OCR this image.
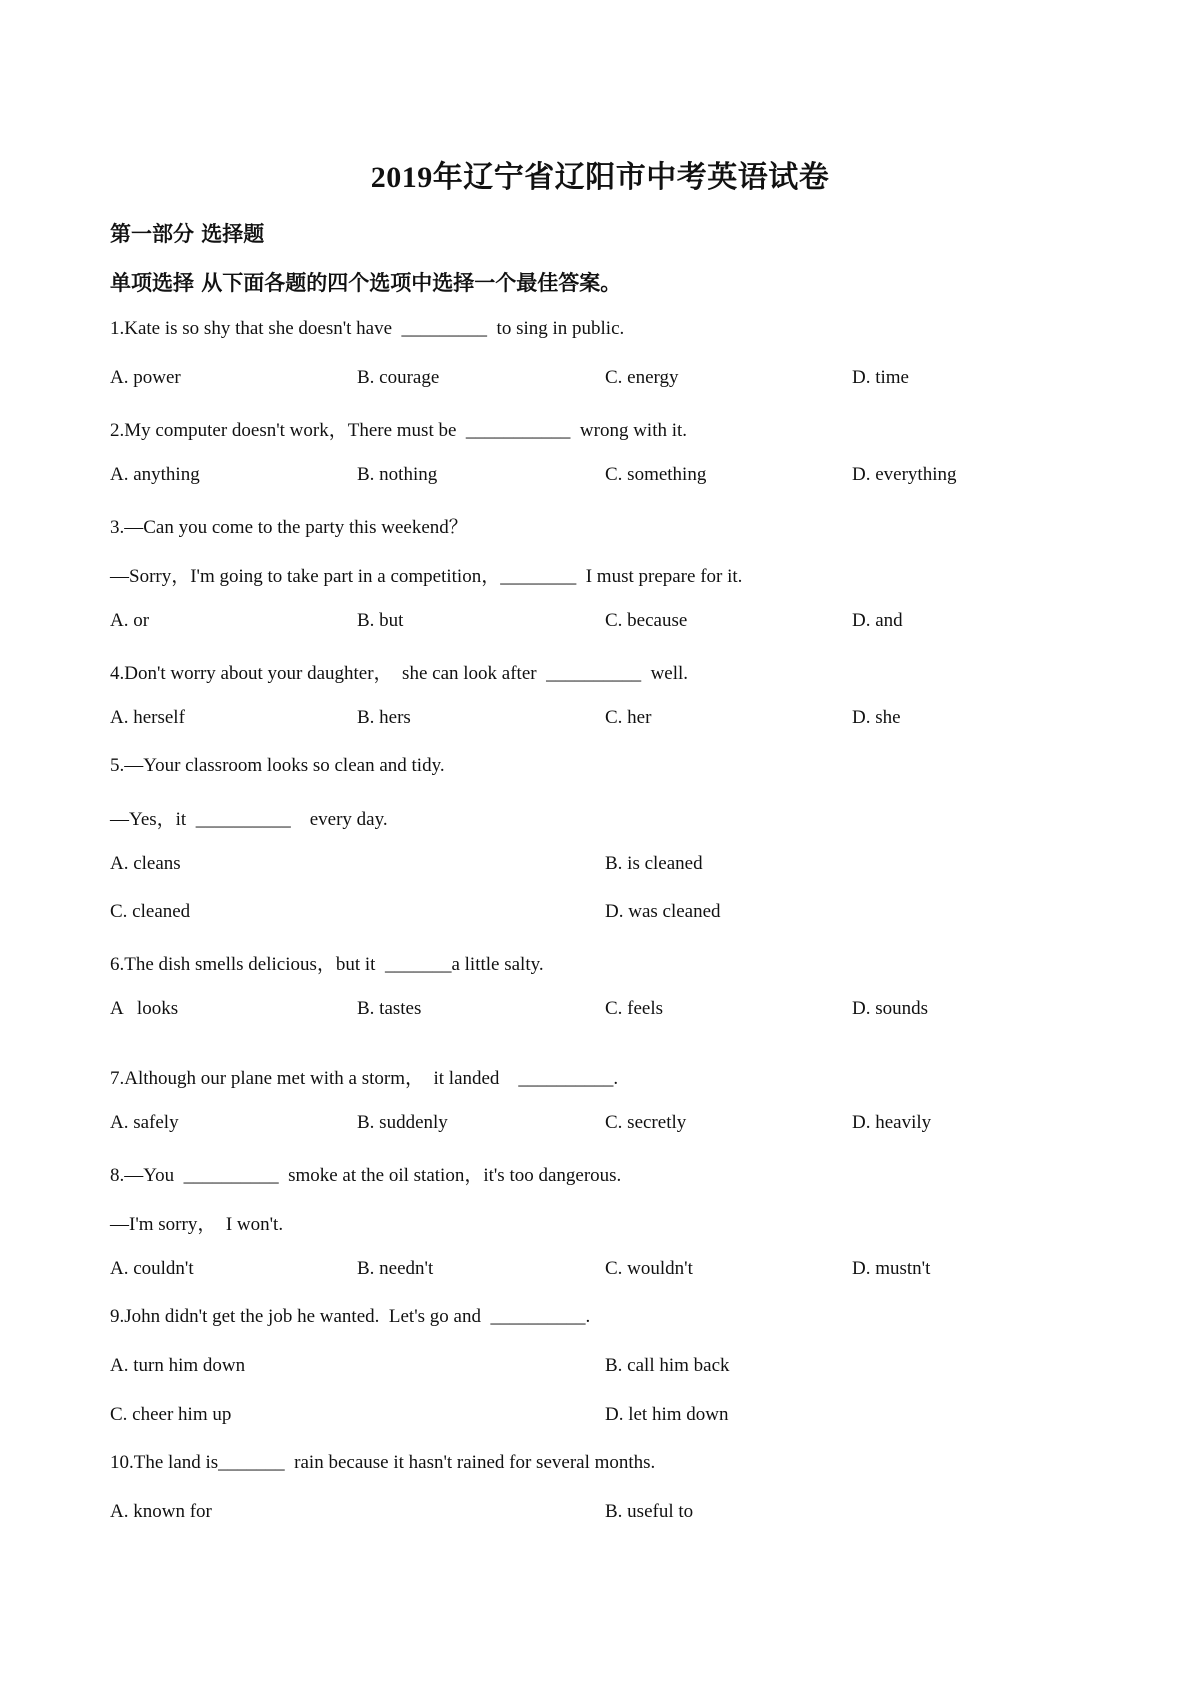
2019年辽宁省辽阳市中考英语试卷
第一部分 选择题
单项选择 从下面各题的四个选项中选择一个最佳答案。
1.Kate is so shy that she doesn't have  _________  to sing in public.
A. power	B. courage	C. energy	D. time
2.My computer doesn't work，There must be  ___________  wrong with it.
A. anything	B. nothing	C. something	D. everything
3.—Can you come to the party this weekend？
—Sorry，I'm going to take part in a competition，________  I must prepare for it.
A. or	B. but	C. because	D. and
4.Don't worry about your daughter，  she can look after  __________  well.
A. herself	B. hers	C. her	D. she
5.—Your classroom looks so clean and tidy.
—Yes，it  __________    every day.
A. cleans	B. is cleaned
C. cleaned	D. was cleaned
6.The dish smells delicious，but it  _______a little salty.
A   looks	B. tastes	C. feels	D. sounds
7.Although our plane met with a storm，  it landed    __________.
A. safely	B. suddenly	C. secretly	D. heavily
8.—You  __________  smoke at the oil station，it's too dangerous.
—I'm sorry，  I won't.
A. couldn't	B. needn't	C. wouldn't	D. mustn't
9.John didn't get the job he wanted.  Let's go and  __________.
A. turn him down	B. call him back
C. cheer him up	D. let him down
10.The land is_______  rain because it hasn't rained for several months.
A. known for	B. useful to
